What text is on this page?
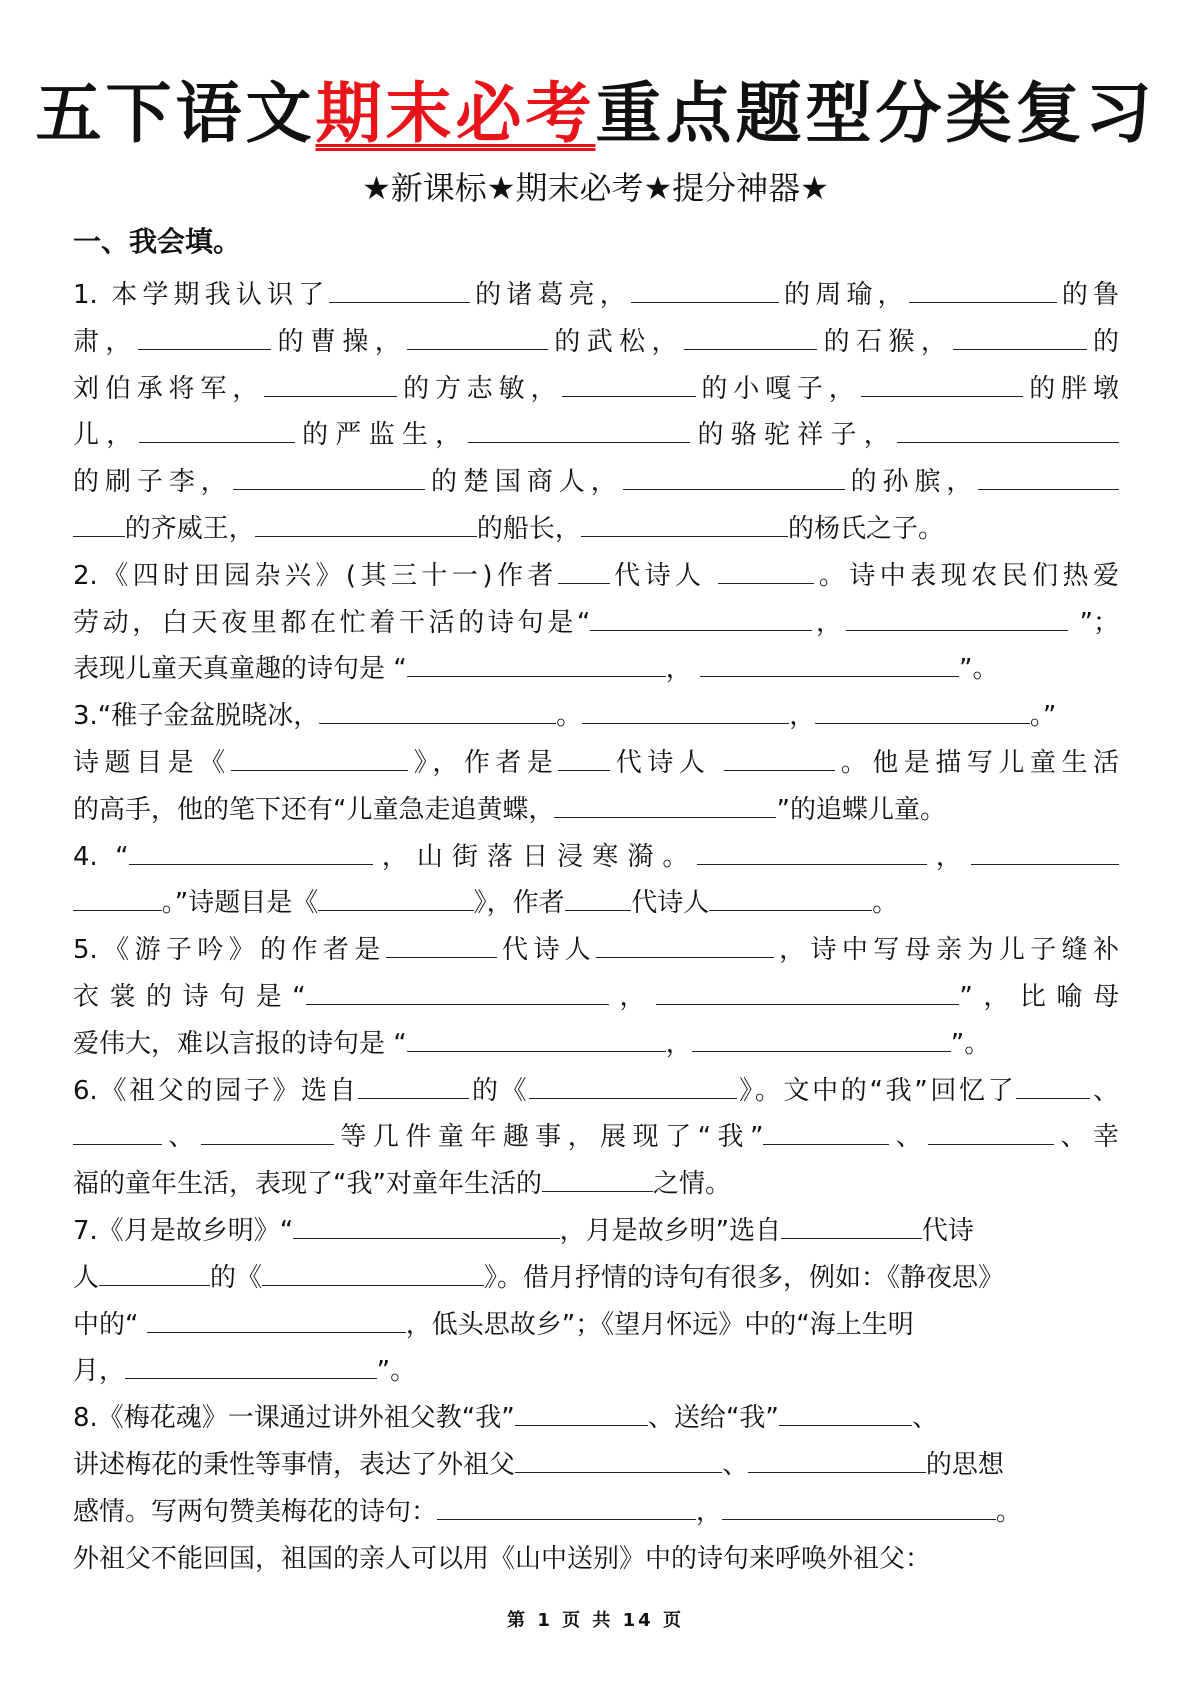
五下语文期末必考重点题型分类复习
★新课标★期末必考★提分神器★
一、我会填。
1. 本学期我认识了	的诸葛亮，	的周瑜，	的鲁
肃，	的曹操，	的武松，	的石猴，	的
刘伯承将军，	的方志敏，	的小嘎子，	的胖墩
儿，	的严监生，	的骆驼祥子，
的刷子李，	的楚国商人，	的孙膑，
的齐威王，	的船长，	的杨氏之子。
2.《四时田园杂兴》(其三十一)作者 代诗人	。诗中表现农民们热爱
劳动，白天夜里都在忙着干活的诗句是“	，	”；
表现儿童天真童趣的诗句是 “	，	”。
3.“稚子金盆脱晓冰，	。	，	。”
诗题目是《	》，作者是 代诗人	。他是描写儿童生活
的高手，他的笔下还有“儿童急走追黄蝶，	”的追蝶儿童。
4. “	，山街落日浸寒漪。	，
。”诗题目是《	》，作者	代诗人	。
5.《游子吟》的作者是	代诗人	，诗中写母亲为儿子缝补
衣裳的诗句是“	，	”，比喻母
爱伟大，难以言报的诗句是 “	，	”。
6.《祖父的园子》选自	的《	》。文中的“我”回忆了	、
、	等几件童年趣事，展现了“我”	、	、幸
福的童年生活，表现了“我”对童年生活的	之情。
7.《月是故乡明》“	，月是故乡明”选自	代诗
人	的《	》。借月抒情的诗句有很多，例如：《静夜思》
中的“	，低头思故乡”；《望月怀远》中的“海上生明
月，	”。
8.《梅花魂》一课通过讲外祖父教“我”	、送给“我”	、
讲述梅花的秉性等事情，表达了外祖父	、	的思想
感情。写两句赞美梅花的诗句：	，	。
外祖父不能回国，祖国的亲人可以用《山中送别》中的诗句来呼唤外祖父：
第 1 页 共 14 页
